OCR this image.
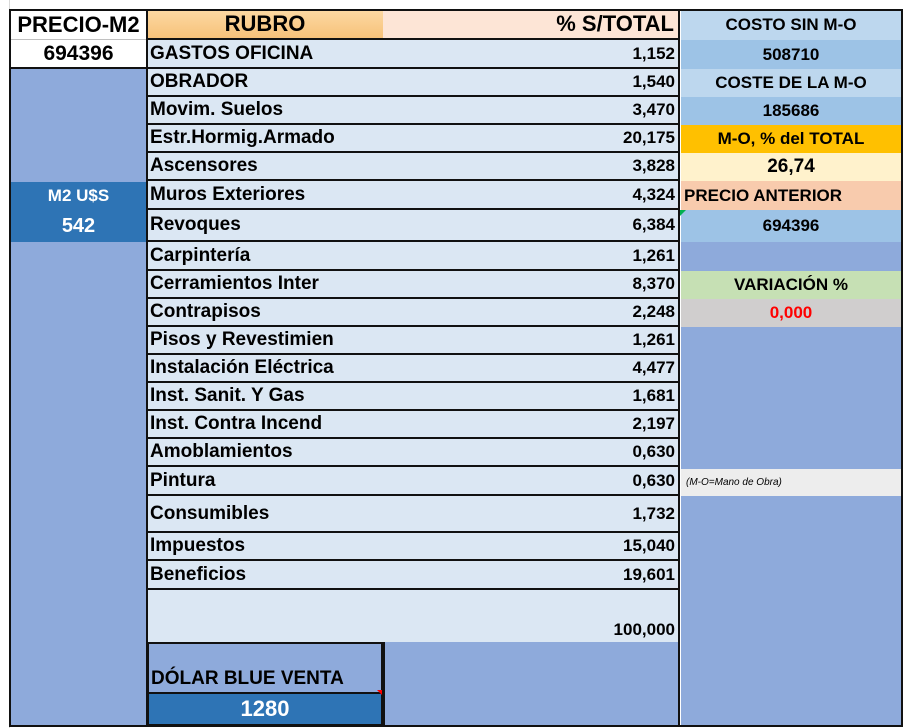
PRECIO-M2
694396
M2 U$S
542
RUBRO	% S/TOTAL
GASTOS OFICINA	1,152
OBRADOR	1,540
Movim. Suelos	3,470
Estr.Hormig.Armado	20,175
Ascensores	3,828
Muros Exteriores	4,324
Revoques	6,384
Carpintería	1,261
Cerramientos Inter	8,370
Contrapisos	2,248
Pisos y Revestimien	1,261
Instalación Eléctrica	4,477
Inst. Sanit. Y Gas	1,681
Inst. Contra Incend	2,197
Amoblamientos	0,630
Pintura	0,630
Consumibles	1,732
Impuestos	15,040
Beneficios	19,601
100,000
DÓLAR BLUE VENTA
1280
COSTO SIN M-O
508710
COSTE DE LA M-O
185686
M-O, % del TOTAL
26,74
PRECIO ANTERIOR
694396
VARIACIÓN %
0,000
(M-O=Mano de Obra)
